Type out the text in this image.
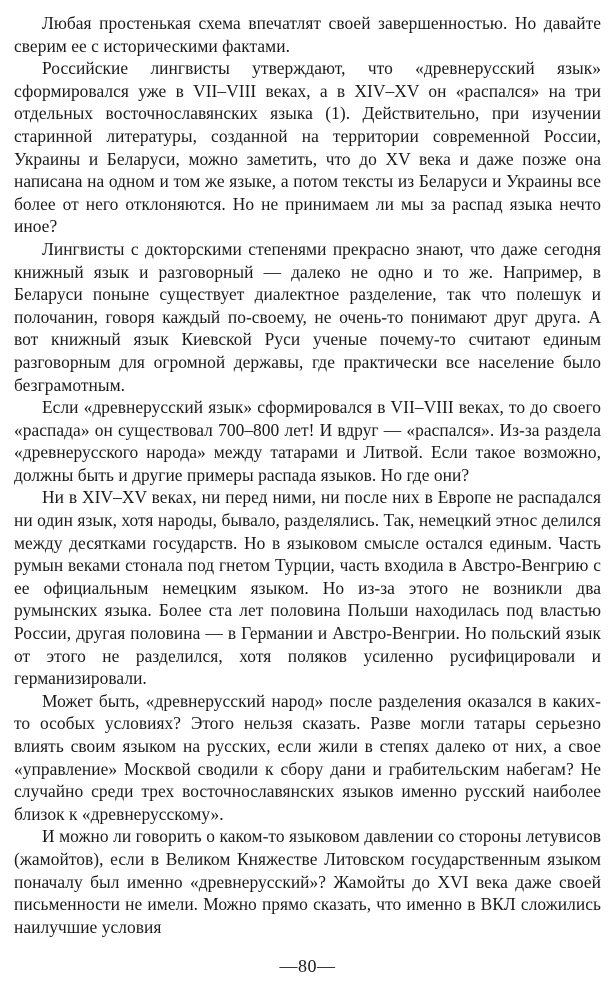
Любая простенькая схема впечатлят своей завершенностью. Но давайте сверим ее с историческими фактами.

Российские лингвисты утверждают, что «древнерусский язык» сформировался уже в VII–VIII веках, а в XIV–XV он «распался» на три отдельных восточнославянских языка (1). Действительно, при изучении старинной литературы, созданной на территории современной России, Украины и Беларуси, можно заметить, что до XV века и даже позже она написана на одном и том же языке, а потом тексты из Беларуси и Украины все более от него отклоняются. Но не принимаем ли мы за распад языка нечто иное?

Лингвисты с докторскими степенями прекрасно знают, что даже сегодня книжный язык и разговорный — далеко не одно и то же. Например, в Беларуси поныне существует диалектное разделение, так что полешук и полочанин, говоря каждый по-своему, не очень-то понимают друг друга. А вот книжный язык Киевской Руси ученые почему-то считают единым разговорным для огромной державы, где практически все население было безграмотным.

Если «древнерусский язык» сформировался в VII–VIII веках, то до своего «распада» он существовал 700–800 лет! И вдруг — «распался». Из-за раздела «древнерусского народа» между татарами и Литвой. Если такое возможно, должны быть и другие примеры распада языков. Но где они?

Ни в XIV–XV веках, ни перед ними, ни после них в Европе не распадался ни один язык, хотя народы, бывало, разделялись. Так, немецкий этнос делился между десятками государств. Но в языковом смысле остался единым. Часть румын веками стонала под гнетом Турции, часть входила в Австро-Венгрию с ее официальным немецким языком. Но из-за этого не возникли два румынских языка. Более ста лет половина Польши находилась под властью России, другая половина — в Германии и Австро-Венгрии. Но польский язык от этого не разделился, хотя поляков усиленно русифицировали и германизировали.

Может быть, «древнерусский народ» после разделения оказался в каких-то особых условиях? Этого нельзя сказать. Разве могли татары серьезно влиять своим языком на русских, если жили в степях далеко от них, а свое «управление» Москвой сводили к сбору дани и грабительским набегам? Не случайно среди трех восточнославянских языков именно русский наиболее близок к «древнерусскому».

И можно ли говорить о каком-то языковом давлении со стороны летувисов (жамойтов), если в Великом Княжестве Литовском государственным языком поначалу был именно «древнерусский»? Жамойты до XVI века даже своей письменности не имели. Можно прямо сказать, что именно в ВКЛ сложились наилучшие условия

—80—
